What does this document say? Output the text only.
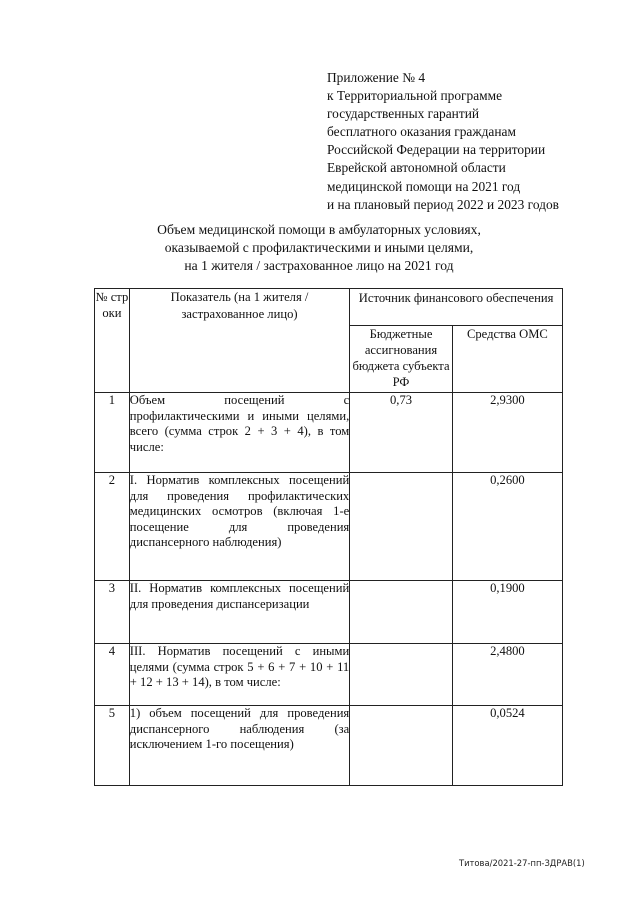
Приложение № 4
к Территориальной программе
государственных гарантий
бесплатного оказания гражданам
Российской Федерации на территории
Еврейской автономной области
медицинской помощи на 2021 год
и на плановый период 2022 и 2023 годов
Объем медицинской помощи в амбулаторных условиях,
оказываемой с профилактическими и иными целями,
на 1 жителя / застрахованное лицо на 2021 год
№ стр оки	Показатель (на 1 жителя / застрахованное лицо)	Источник финансового обеспечения	
		Бюджетные ассигнования бюджета субъекта РФ	Средства ОМС
1	Объем посещений с профилактическими и иными целями, всего (сумма строк 2 + 3 + 4), в том числе:	0,73	2,9300
2	I. Норматив комплексных посещений для проведения профилактических медицинских осмотров (включая 1-е посещение для проведения диспансерного наблюдения)		0,2600
3	II. Норматив комплексных посещений для проведения диспансеризации		0,1900
4	III. Норматив посещений с иными целями (сумма строк 5 + 6 + 7 + 10 + 11 + 12 + 13 + 14), в том числе:		2,4800
5	1) объем посещений для проведения диспансерного наблюдения (за исключением 1-го посещения)		0,0524
Титова/2021-27-пп-ЗДРАВ(1)
